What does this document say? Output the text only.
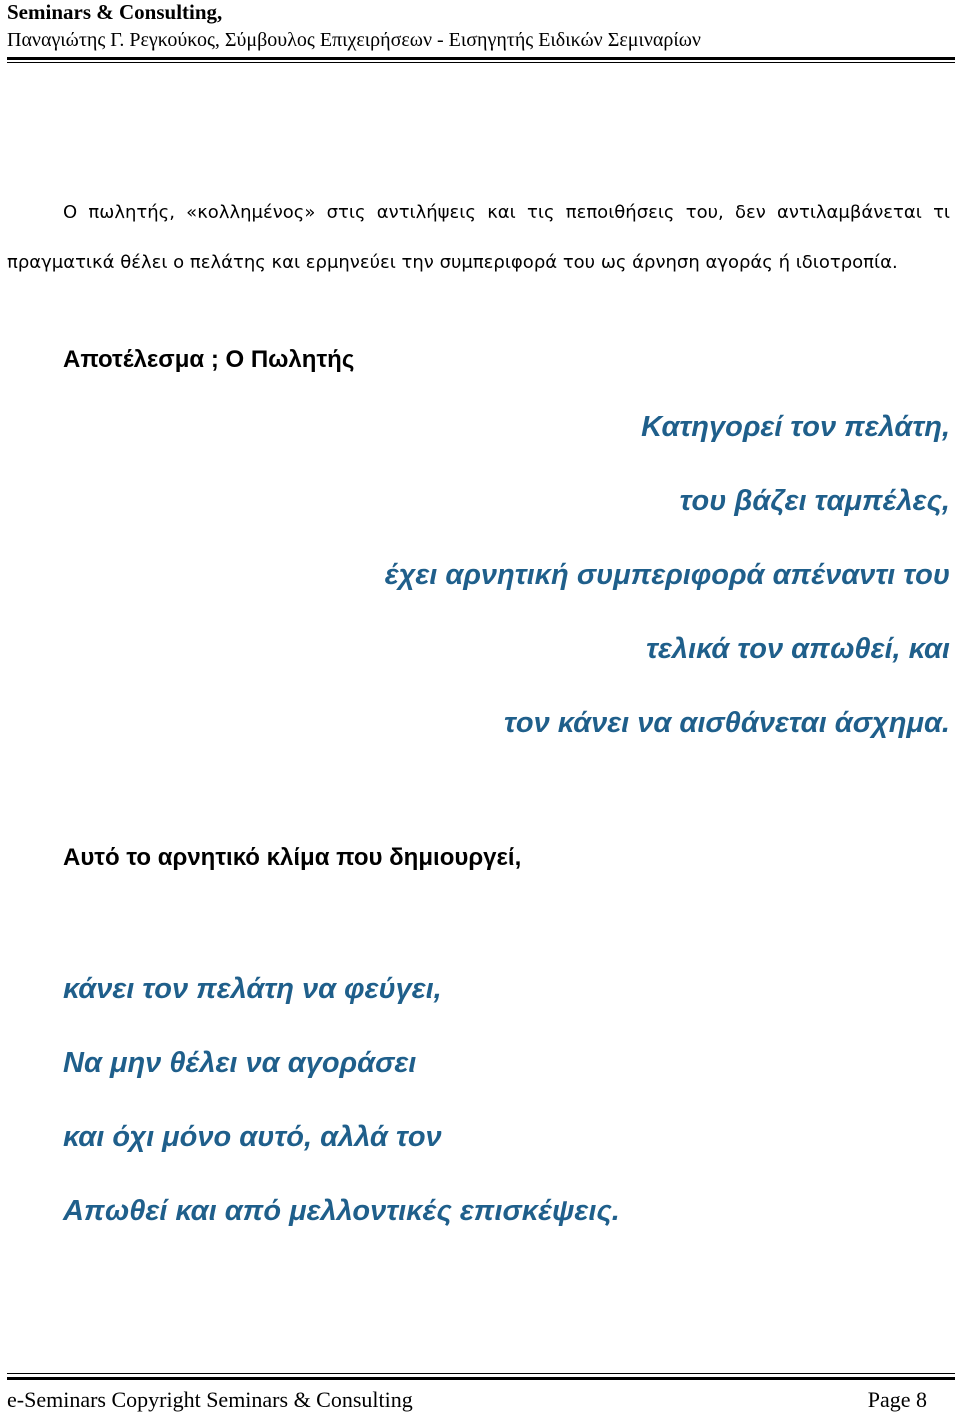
Seminars & Consulting,
Παναγιώτης Γ. Ρεγκούκος, Σύμβουλος Επιχειρήσεων - Εισηγητής Ειδικών Σεμιναρίων
Ο πωλητής, «κολλημένος» στις αντιλήψεις και τις πεποιθήσεις του, δεν αντιλαμβάνεται τι πραγματικά θέλει ο πελάτης και ερμηνεύει την συμπεριφορά του ως άρνηση αγοράς ή ιδιοτροπία.
Αποτέλεσμα ; Ο Πωλητής
Κατηγορεί τον πελάτη,
του βάζει ταμπέλες,
έχει αρνητική συμπεριφορά απέναντι του
τελικά τον απωθεί, και
τον κάνει να αισθάνεται άσχημα.
Αυτό το αρνητικό κλίμα που δημιουργεί,
κάνει τον πελάτη να φεύγει,
Να μην θέλει να αγοράσει
και όχι μόνο αυτό, αλλά τον
Απωθεί και από μελλοντικές επισκέψεις.
e-Seminars Copyright Seminars & Consulting	Page 8
